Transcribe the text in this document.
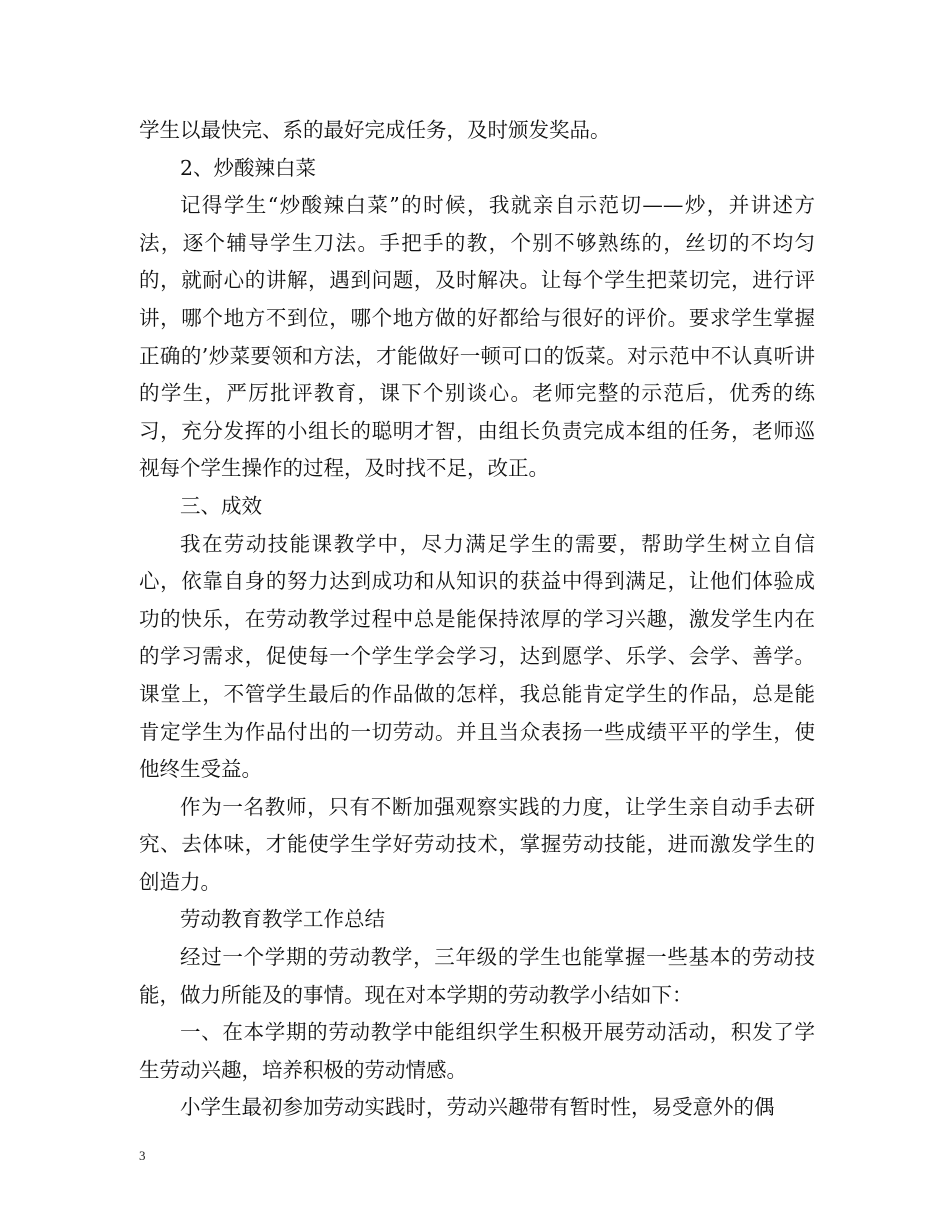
学生以最快完、系的最好完成任务，及时颁发奖品。

2、炒酸辣白菜

记得学生“炒酸辣白菜”的时候，我就亲自示范切——炒，并讲述方法，逐个辅导学生刀法。手把手的教，个别不够熟练的，丝切的不均匀的，就耐心的讲解，遇到问题，及时解决。让每个学生把菜切完，进行评讲，哪个地方不到位，哪个地方做的好都给与很好的评价。要求学生掌握正确的’炒菜要领和方法，才能做好一顿可口的饭菜。对示范中不认真听讲的学生，严厉批评教育，课下个别谈心。老师完整的示范后，优秀的练习，充分发挥的小组长的聪明才智，由组长负责完成本组的任务，老师巡视每个学生操作的过程，及时找不足，改正。

三、成效

我在劳动技能课教学中，尽力满足学生的需要，帮助学生树立自信心，依靠自身的努力达到成功和从知识的获益中得到满足，让他们体验成功的快乐，在劳动教学过程中总是能保持浓厚的学习兴趣，激发学生内在的学习需求，促使每一个学生学会学习，达到愿学、乐学、会学、善学。课堂上，不管学生最后的作品做的怎样，我总能肯定学生的作品，总是能肯定学生为作品付出的一切劳动。并且当众表扬一些成绩平平的学生，使他终生受益。

作为一名教师，只有不断加强观察实践的力度，让学生亲自动手去研究、去体味，才能使学生学好劳动技术，掌握劳动技能，进而激发学生的创造力。

劳动教育教学工作总结

经过一个学期的劳动教学，三年级的学生也能掌握一些基本的劳动技能，做力所能及的事情。现在对本学期的劳动教学小结如下：

一、在本学期的劳动教学中能组织学生积极开展劳动活动，积发了学生劳动兴趣，培养积极的劳动情感。

小学生最初参加劳动实践时，劳动兴趣带有暂时性，易受意外的偶

3
